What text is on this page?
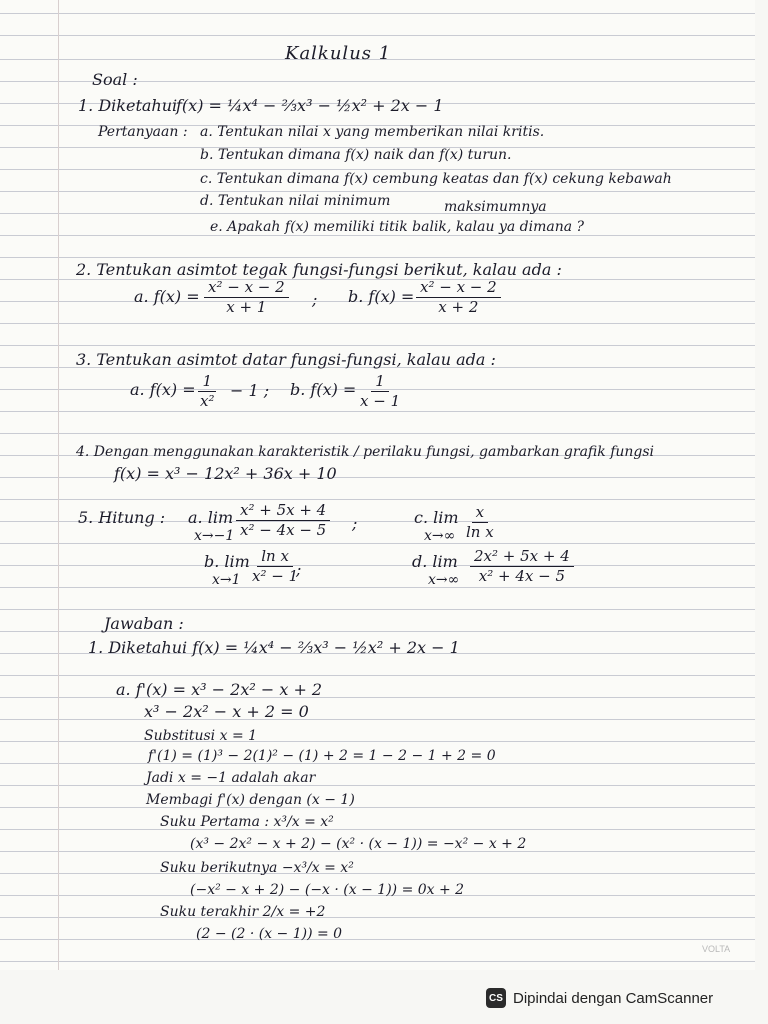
Kalkulus 1
Soal :
1. Diketahui
f(x) = ¼x⁴ − ⅔x³ − ½x² + 2x − 1
Pertanyaan : a. Tentukan nilai x yang memberikan nilai kritis.
b. Tentukan dimana f(x) naik dan f(x) turun.
c. Tentukan dimana f(x) cembung keatas dan f(x) cekung kebawah
d. Tentukan nilai minimum	maksimumnya
e. Apakah f(x) memiliki titik balik, kalau ya dimana ?
2. Tentukan asimtot tegak fungsi-fungsi berikut, kalau ada :
a. $f(x) = \frac{\text{x² − x − 2}}{x + 1}$ ; b. $f(x) = \frac{\text{x² − x − 2}}{x + 2}$
3. Tentukan asimtot datar fungsi-fungsi, kalau ada :
a. $f(x) = \frac{1}{\text{x²}} - 1$ ; b. $f(x) = \frac{1}{x - 1}$
4. Dengan menggunakan karakteristik / perilaku fungsi, gambarkan grafik fungsi
f(x) = x³ − 12x² + 36x + 10
5. Hitung : a. lim
$x\to-1 \frac{\text{x² + 5x + 4}}{\text{x² − 4x − 5}}$ ;	c. lim
$x\to\infty \frac{x}{\text{ln x}}$
b. lim
$x\to 1 \frac{\text{ln x}}{\text{x² − 1}}$
;	d. lim
$x\to\infty \frac{\text{2x² + 5x + 4}}{\text{x² + 4x − 5}}$
Jawaban :
1. Diketahui f(x) = ¼x⁴ − ⅔x³ − ½x² + 2x − 1
a. f'(x) = x³ − 2x² − x + 2
x³ − 2x² − x + 2 = 0
Substitusi x = 1
f'(1) = (1)³ − 2(1)² − (1) + 2 = 1 − 2 − 1 + 2 = 0
Jadi x = −1 adalah akar
Membagi f'(x) dengan (x − 1)
Suku Pertama : x³/x = x²
(x³ − 2x² − x + 2) − (x² · (x − 1)) = −x² − x + 2
Suku berikutnya −x³/x = x²
(−x² − x + 2) − (−x · (x − 1)) = 0x + 2
Suku terakhir 2/x = +2
(2 − (2 · (x − 1)) = 0
VOLTA
CS Dipindai dengan CamScanner
